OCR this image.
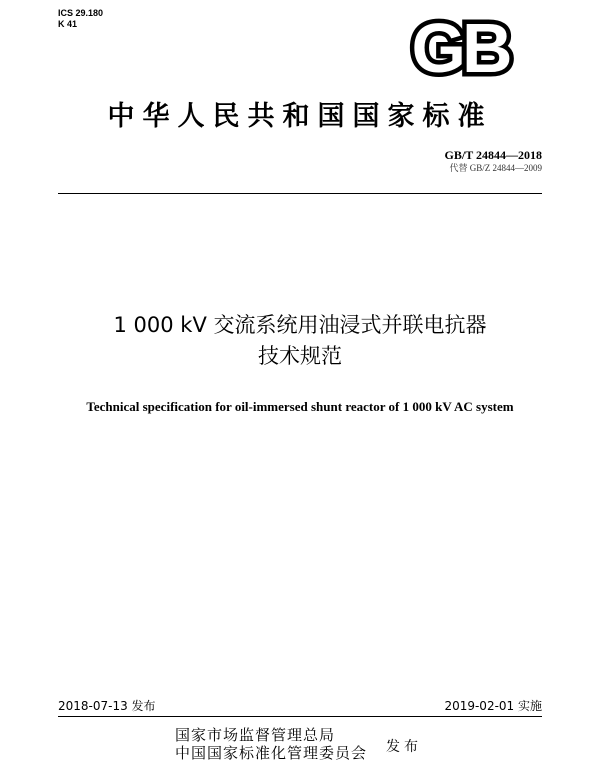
ICS 29.180
K 41	GB
中华人民共和国国家标准
GB/T 24844—2018
代替 GB/Z 24844—2009
1 000 kV 交流系统用油浸式并联电抗器
技术规范
Technical specification for oil-immersed shunt reactor of 1 000 kV AC system
2018-07-13 发布	2019-02-01 实施
国家市场监督管理总局
中国国家标准化管理委员会 发布
